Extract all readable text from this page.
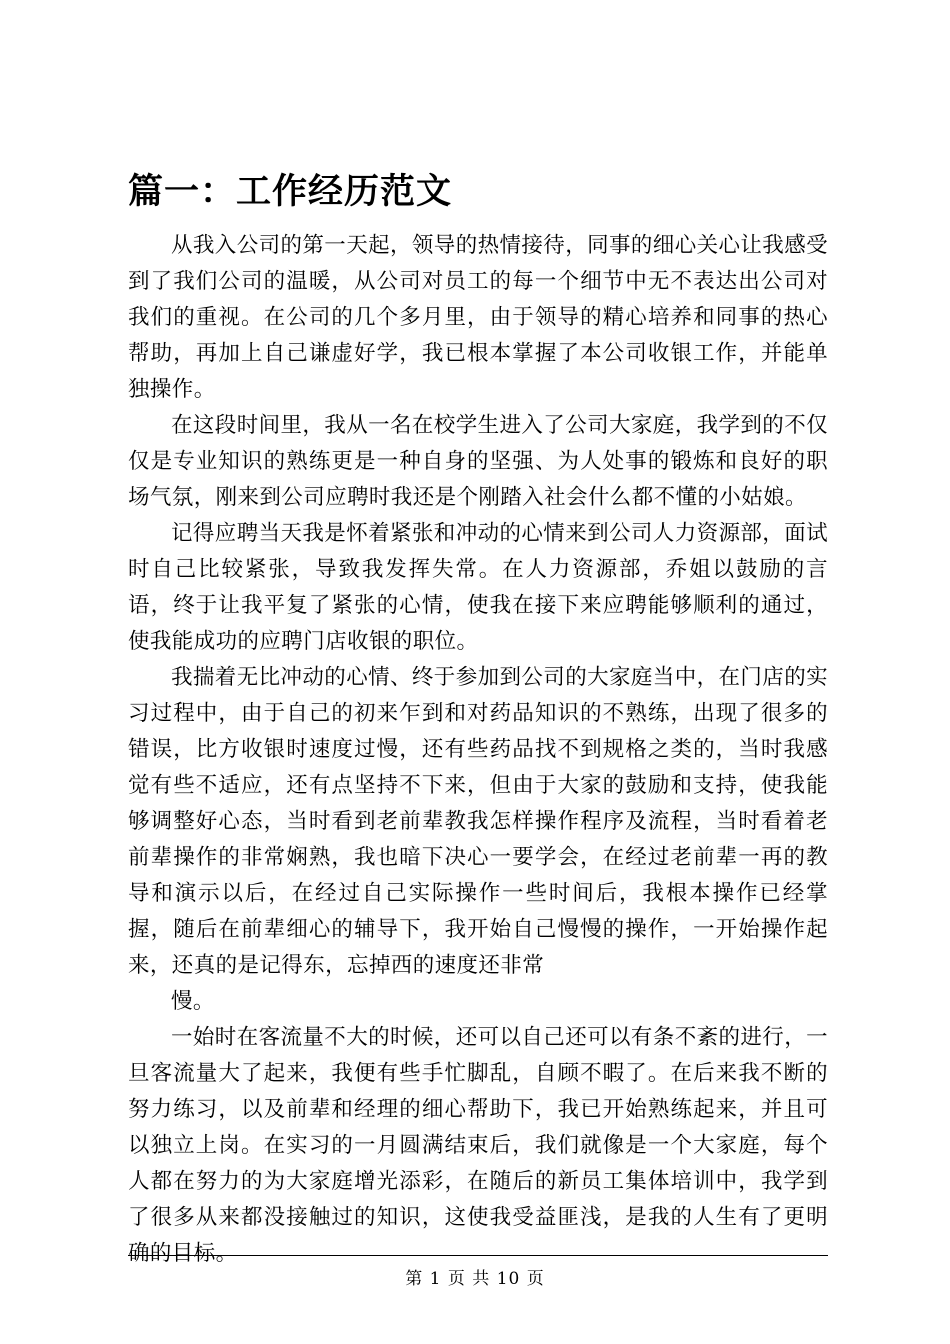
篇一：工作经历范文

从我入公司的第一天起，领导的热情接待，同事的细心关心让我感受到了我们公司的温暖，从公司对员工的每一个细节中无不表达出公司对我们的重视。在公司的几个多月里，由于领导的精心培养和同事的热心帮助，再加上自己谦虚好学，我已根本掌握了本公司收银工作，并能单独操作。

在这段时间里，我从一名在校学生进入了公司大家庭，我学到的不仅仅是专业知识的熟练更是一种自身的坚强、为人处事的锻炼和良好的职场气氛，刚来到公司应聘时我还是个刚踏入社会什么都不懂的小姑娘。

记得应聘当天我是怀着紧张和冲动的心情来到公司人力资源部，面试时自己比较紧张，导致我发挥失常。在人力资源部，乔姐以鼓励的言语，终于让我平复了紧张的心情，使我在接下来应聘能够顺利的通过，使我能成功的应聘门店收银的职位。

我揣着无比冲动的心情、终于参加到公司的大家庭当中，在门店的实习过程中，由于自己的初来乍到和对药品知识的不熟练，出现了很多的错误，比方收银时速度过慢，还有些药品找不到规格之类的，当时我感觉有些不适应，还有点坚持不下来，但由于大家的鼓励和支持，使我能够调整好心态，当时看到老前辈教我怎样操作程序及流程，当时看着老前辈操作的非常娴熟，我也暗下决心一要学会，在经过老前辈一再的教导和演示以后，在经过自己实际操作一些时间后，我根本操作已经掌握，随后在前辈细心的辅导下，我开始自己慢慢的操作，一开始操作起来，还真的是记得东，忘掉西的速度还非常

慢。

一始时在客流量不大的时候，还可以自己还可以有条不紊的进行，一旦客流量大了起来，我便有些手忙脚乱，自顾不暇了。在后来我不断的努力练习，以及前辈和经理的细心帮助下，我已开始熟练起来，并且可以独立上岗。在实习的一月圆满结束后，我们就像是一个大家庭，每个人都在努力的为大家庭增光添彩，在随后的新员工集体培训中，我学到了很多从来都没接触过的知识，这使我受益匪浅，是我的人生有了更明确的目标。

第 1 页 共 10 页
